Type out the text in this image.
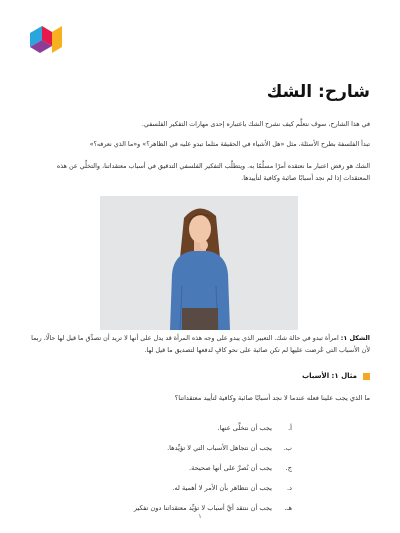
شارح: الشك

في هذا الشارح، سوف نتعلَّم كيف نشرح الشك باعتباره إحدى مهارات التفكير الفلسفي.

تبدأ الفلسفة بطرح الأسئلة، مثل «هل الأشياء في الحقيقة مثلما تبدو عليه في الظاهر؟» و«ما الذي نعرفه؟»

الشك هو رفض اعتبار ما نعتقده أمرًا مسلَّمًا به. ويتطلَّب التفكير الفلسفي التدقيق في أسباب معتقداتنا، والتخلِّي عن هذه المعتقدات إذا لم نجد أسبابًا صائبة وكافية لتأييدها.

الشكل ١: امرأة تبدو في حالة شك. التعبير الذي يبدو على وجه هذه المرأة قد يدل على أنها لا تريد أن تصدِّق ما قيل لها حالًا، ربما لأن الأسباب التي عُرضت عليها لم تكن صائبة على نحو كافٍ لدفعها لتصديق ما قيل لها.

مثال ١: الأسباب

ما الذي يجب علينا فعله عندما لا نجد أسبابًا صائبة وكافية لتأييد معتقداتنا؟

أ.
يجب أن نتخلَّى عنها.
ب.
يجب أن نتجاهل الأسباب التي لا تؤيِّدها.
ج.
يجب أن نُصرَّ على أنها صحيحة.
د.
يجب أن نتظاهر بأن الأمر لا أهمية له.
هـ.
يجب أن ننتقد أيَّ أسباب لا تؤيِّد معتقداتنا دون تفكير
١
